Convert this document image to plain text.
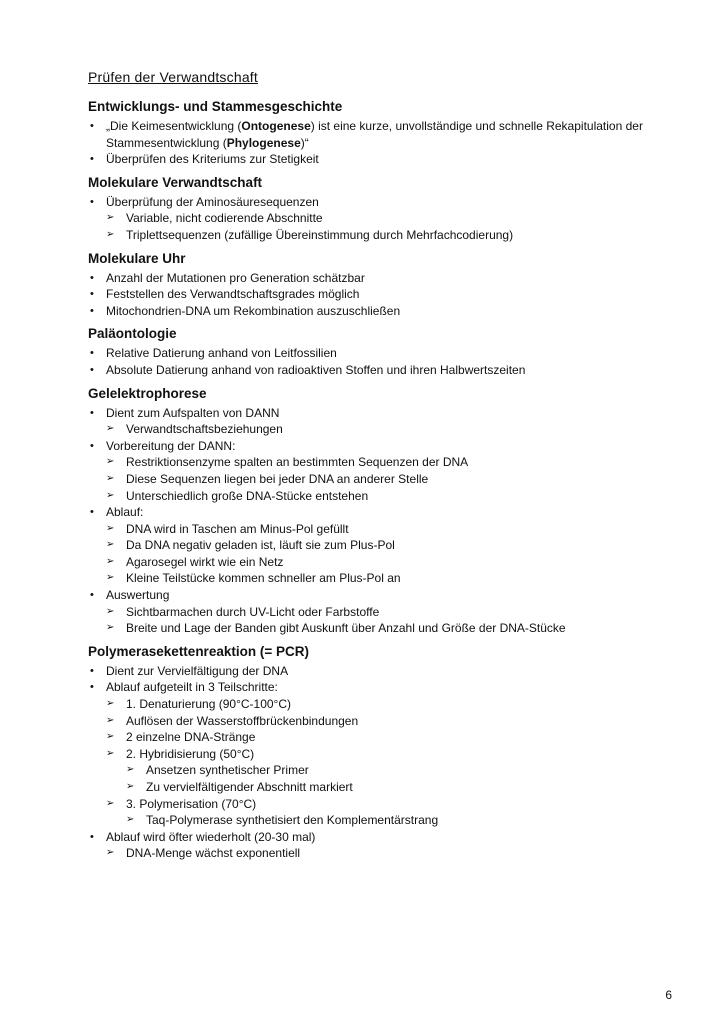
Prüfen der Verwandtschaft
Entwicklungs- und Stammesgeschichte
• „Die Keimesentwicklung (Ontogenese) ist eine kurze, unvollständige und schnelle Rekapitulation der Stammesentwicklung (Phylogenese)“
• Überprüfen des Kriteriums zur Stetigkeit
Molekulare Verwandtschaft
• Überprüfung der Aminosäuresequenzen
➢ Variable, nicht codierende Abschnitte
➢ Triplettsequenzen (zufällige Übereinstimmung durch Mehrfachcodierung)
Molekulare Uhr
• Anzahl der Mutationen pro Generation schätzbar
• Feststellen des Verwandtschaftsgrades möglich
• Mitochondrien-DNA um Rekombination auszuschließen
Paläontologie
• Relative Datierung anhand von Leitfossilien
• Absolute Datierung anhand von radioaktiven Stoffen und ihren Halbwertszeiten
Gelelektrophorese
• Dient zum Aufspalten von DANN
➢ Verwandtschaftsbeziehungen
• Vorbereitung der DANN:
➢ Restriktionsenzyme spalten an bestimmten Sequenzen der DNA
➢ Diese Sequenzen liegen bei jeder DNA an anderer Stelle
➢ Unterschiedlich große DNA-Stücke entstehen
• Ablauf:
➢ DNA wird in Taschen am Minus-Pol gefüllt
➢ Da DNA negativ geladen ist, läuft sie zum Plus-Pol
➢ Agarosegel wirkt wie ein Netz
➢ Kleine Teilstücke kommen schneller am Plus-Pol an
• Auswertung
➢ Sichtbarmachen durch UV-Licht oder Farbstoffe
➢ Breite und Lage der Banden gibt Auskunft über Anzahl und Größe der DNA-Stücke
Polymerasekettenreaktion (= PCR)
• Dient zur Vervielfältigung der DNA
• Ablauf aufgeteilt in 3 Teilschritte:
➢ 1. Denaturierung (90°C-100°C)
➢ Auflösen der Wasserstoffbrückenbindungen
➢ 2 einzelne DNA-Stränge
➢ 2. Hybridisierung (50°C)
➢ Ansetzen synthetischer Primer
➢ Zu vervielfältigender Abschnitt markiert
➢ 3. Polymerisation (70°C)
➢ Taq-Polymerase synthetisiert den Komplementärstrang
• Ablauf wird öfter wiederholt (20-30 mal)
➢ DNA-Menge wächst exponentiell
6
